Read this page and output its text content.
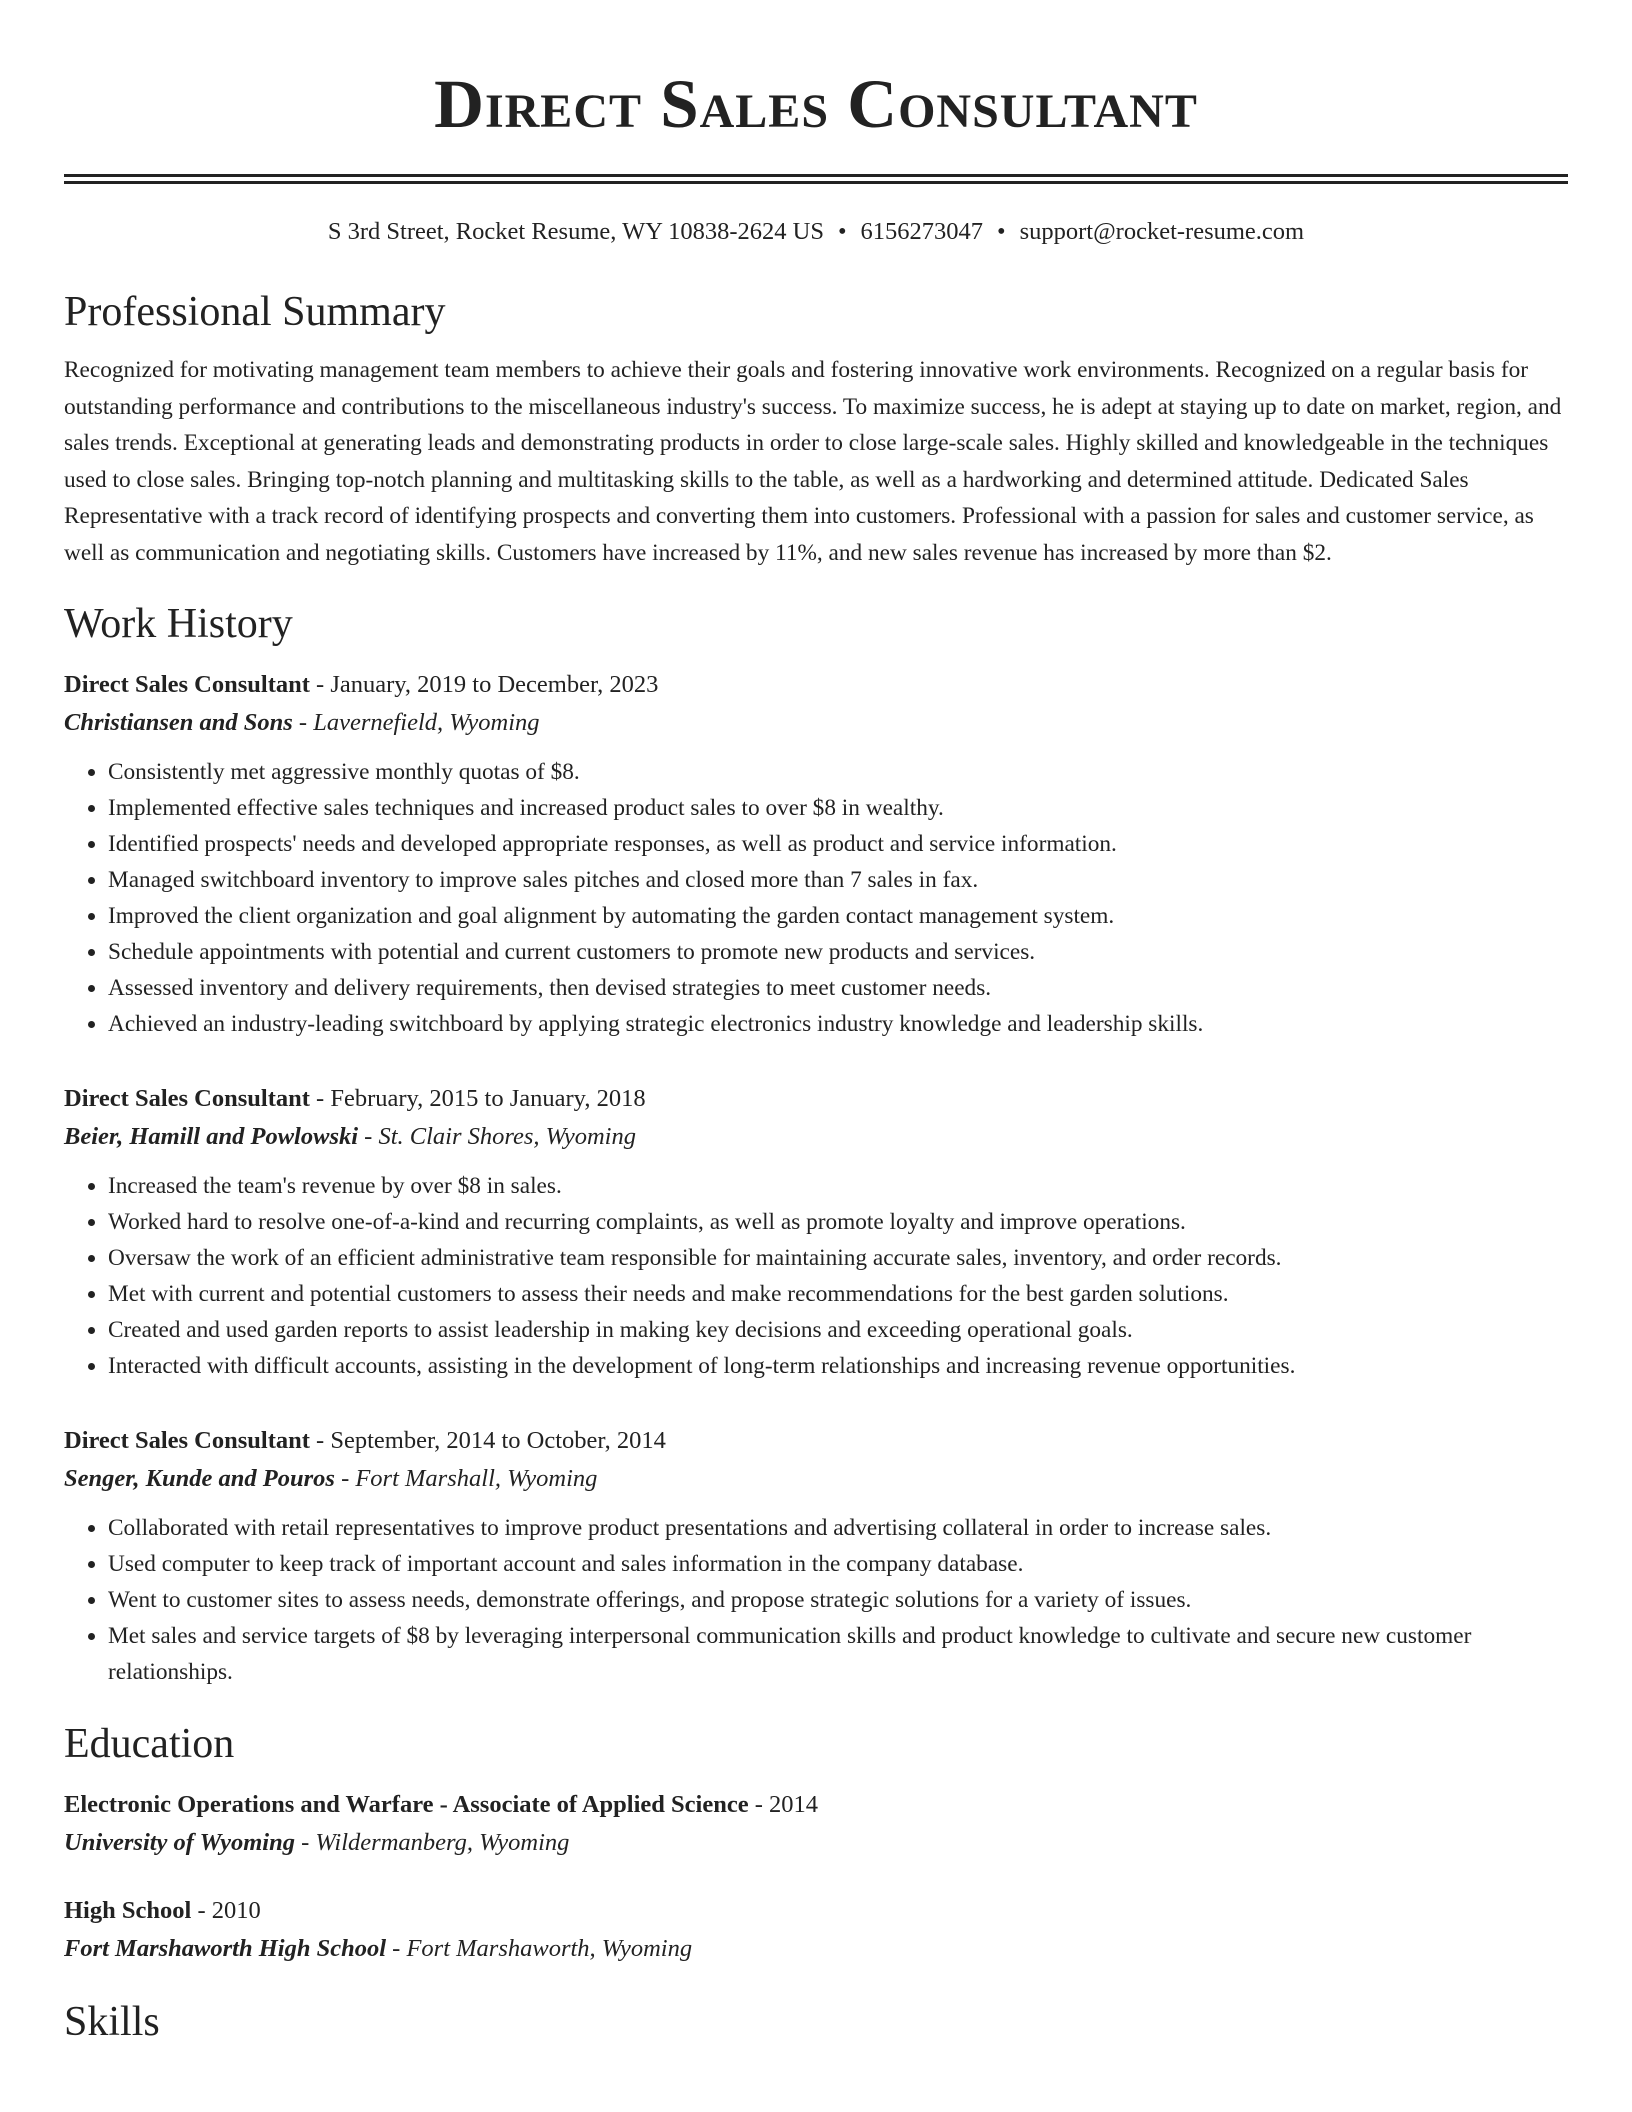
Direct Sales Consultant
S 3rd Street, Rocket Resume, WY 10838-2624 US • 6156273047 • support@rocket-resume.com
Professional Summary

Recognized for motivating management team members to achieve their goals and fostering innovative work environments. Recognized on a regular basis for outstanding performance and contributions to the miscellaneous industry's success. To maximize success, he is adept at staying up to date on market, region, and sales trends. Exceptional at generating leads and demonstrating products in order to close large-scale sales. Highly skilled and knowledgeable in the techniques used to close sales. Bringing top-notch planning and multitasking skills to the table, as well as a hardworking and determined attitude. Dedicated Sales Representative with a track record of identifying prospects and converting them into customers. Professional with a passion for sales and customer service, as well as communication and negotiating skills. Customers have increased by 11%, and new sales revenue has increased by more than $2.

Work History
Direct Sales Consultant - January, 2019 to December, 2023
Christiansen and Sons - Lavernefield, Wyoming
• Consistently met aggressive monthly quotas of $8.
• Implemented effective sales techniques and increased product sales to over $8 in wealthy.
• Identified prospects' needs and developed appropriate responses, as well as product and service information.
• Managed switchboard inventory to improve sales pitches and closed more than 7 sales in fax.
• Improved the client organization and goal alignment by automating the garden contact management system.
• Schedule appointments with potential and current customers to promote new products and services.
• Assessed inventory and delivery requirements, then devised strategies to meet customer needs.
• Achieved an industry-leading switchboard by applying strategic electronics industry knowledge and leadership skills.
Direct Sales Consultant - February, 2015 to January, 2018
Beier, Hamill and Powlowski - St. Clair Shores, Wyoming
• Increased the team's revenue by over $8 in sales.
• Worked hard to resolve one-of-a-kind and recurring complaints, as well as promote loyalty and improve operations.
• Oversaw the work of an efficient administrative team responsible for maintaining accurate sales, inventory, and order records.
• Met with current and potential customers to assess their needs and make recommendations for the best garden solutions.
• Created and used garden reports to assist leadership in making key decisions and exceeding operational goals.
• Interacted with difficult accounts, assisting in the development of long-term relationships and increasing revenue opportunities.
Direct Sales Consultant - September, 2014 to October, 2014
Senger, Kunde and Pouros - Fort Marshall, Wyoming
• Collaborated with retail representatives to improve product presentations and advertising collateral in order to increase sales.
• Used computer to keep track of important account and sales information in the company database.
• Went to customer sites to assess needs, demonstrate offerings, and propose strategic solutions for a variety of issues.
• Met sales and service targets of $8 by leveraging interpersonal communication skills and product knowledge to cultivate and secure new customer relationships.
Education
Electronic Operations and Warfare - Associate of Applied Science - 2014
University of Wyoming - Wildermanberg, Wyoming
High School - 2010
Fort Marshaworth High School - Fort Marshaworth, Wyoming
Skills
